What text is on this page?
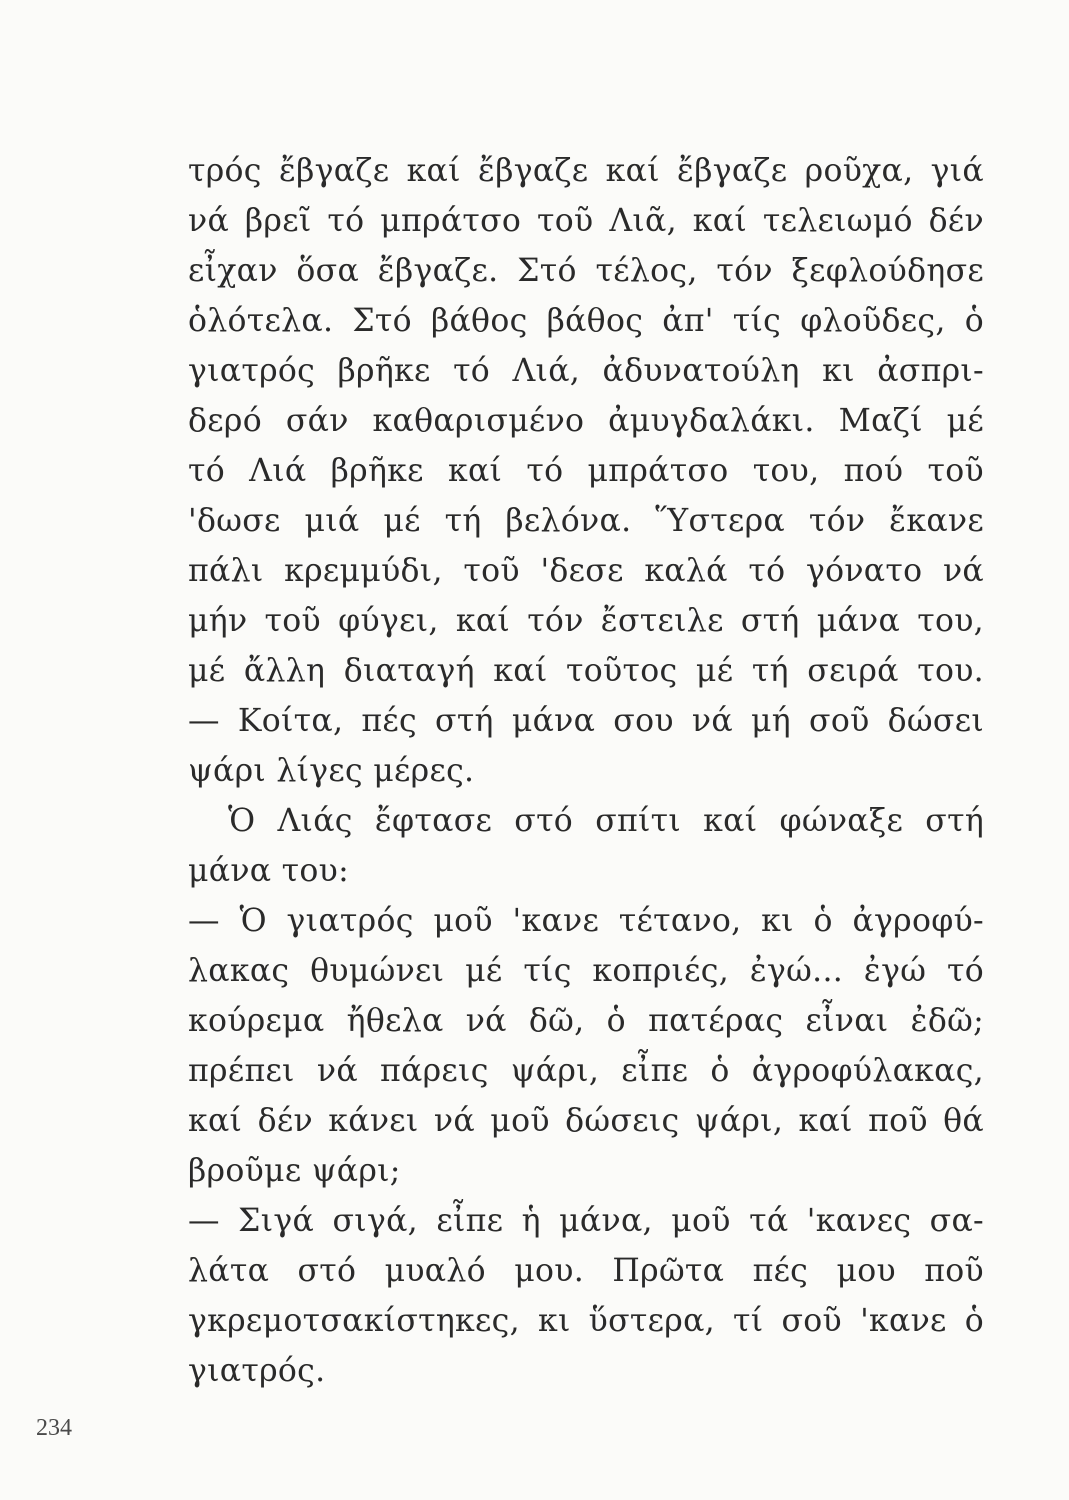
τρός ἔβγαζε καί ἔβγαζε καί ἔβγαζε ροῦχα, γιά
νά βρεῖ τό μπράτσο τοῦ Λιᾶ, καί τελειωμό δέν
εἶχαν ὅσα ἔβγαζε. Στό τέλος, τόν ξεφλούδησε
ὁλότελα. Στό βάθος βάθος ἀπ' τίς φλοῦδες, ὁ
γιατρός βρῆκε τό Λιά, ἀδυνατούλη κι ἀσπρι-
δερό σάν καθαρισμένο ἀμυγδαλάκι. Μαζί μέ
τό Λιά βρῆκε καί τό μπράτσο του, πού τοῦ
'δωσε μιά μέ τή βελόνα. Ὕστερα τόν ἔκανε
πάλι κρεμμύδι, τοῦ 'δεσε καλά τό γόνατο νά
μήν τοῦ φύγει, καί τόν ἔστειλε στή μάνα του,
μέ ἄλλη διαταγή καί τοῦτος μέ τή σειρά του.
— Κοίτα, πές στή μάνα σου νά μή σοῦ δώσει
ψάρι λίγες μέρες.
Ὁ Λιάς ἔφτασε στό σπίτι καί φώναξε στή
μάνα του:
— Ὁ γιατρός μοῦ 'κανε τέτανο, κι ὁ ἀγροφύ-
λακας θυμώνει μέ τίς κοπριές, ἐγώ... ἐγώ τό
κούρεμα ἤθελα νά δῶ, ὁ πατέρας εἶναι ἐδῶ;
πρέπει νά πάρεις ψάρι, εἶπε ὁ ἀγροφύλακας,
καί δέν κάνει νά μοῦ δώσεις ψάρι, καί ποῦ θά
βροῦμε ψάρι;
— Σιγά σιγά, εἶπε ἡ μάνα, μοῦ τά 'κανες σα-
λάτα στό μυαλό μου. Πρῶτα πές μου ποῦ
γκρεμοτσακίστηκες, κι ὕστερα, τί σοῦ 'κανε ὁ
γιατρός.
234
